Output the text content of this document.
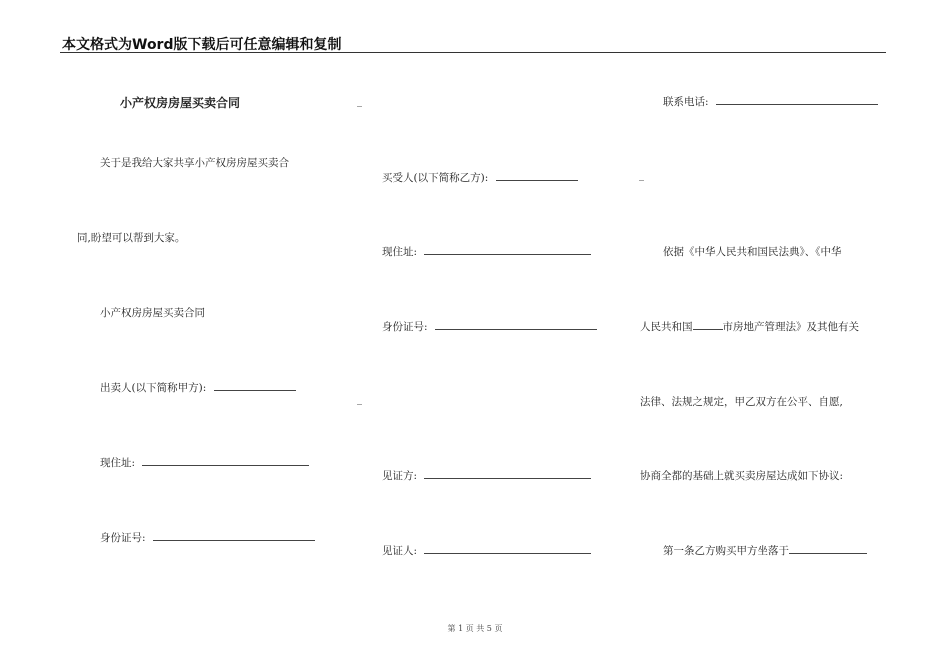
本文格式为Word版下载后可任意编辑和复制
小产权房房屋买卖合同
关于是我给大家共享小产权房房屋买卖合
同,盼望可以帮到大家。
小产权房房屋买卖合同
出卖人(以下简称甲方):
现住址:
身份证号:
_
买受人(以下简称乙方):
现住址:
身份证号:
_
见证方:
见证人:
联系电话:
_
依据《中华人民共和国民法典》、《中华
人民共和国	市房地产管理法》及其他有关
法律、法规之规定，甲乙双方在公平、自愿,
协商全都的基础上就买卖房屋达成如下协议:
第一条乙方购买甲方坐落于
第 1 页 共 5 页
